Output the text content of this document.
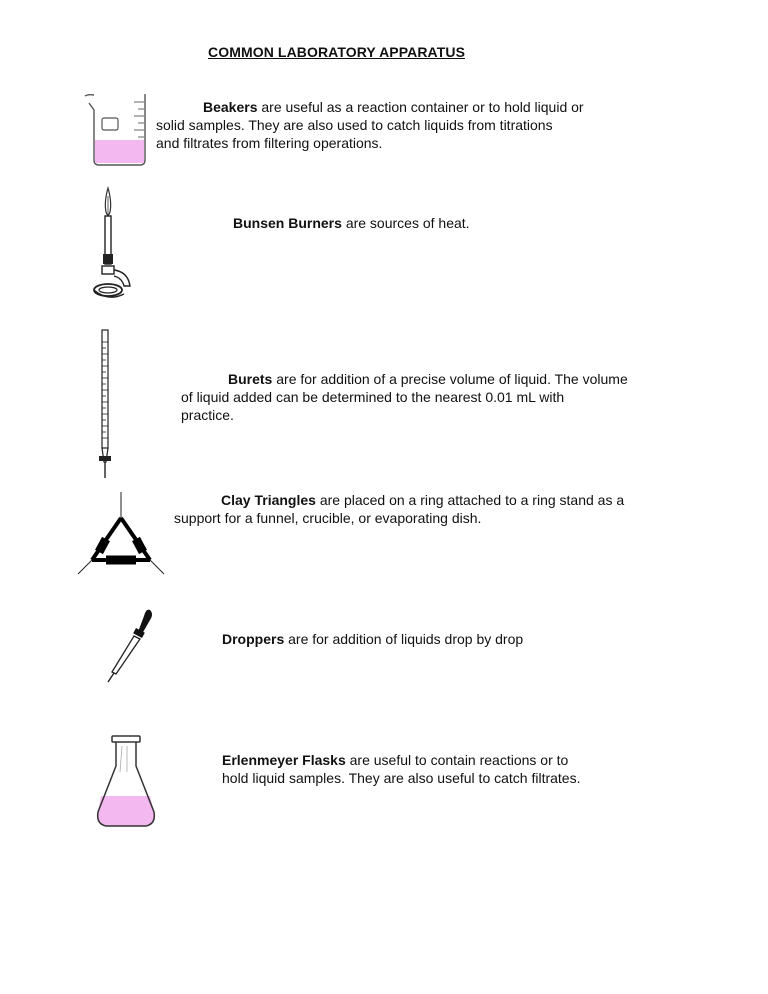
COMMON LABORATORY APPARATUS
Beakers are useful as a reaction container or to hold liquid or
solid samples. They are also used to catch liquids from titrations
and filtrates from filtering operations.
Bunsen Burners are sources of heat.
Burets are for addition of a precise volume of liquid. The volume
of liquid added can be determined to the nearest 0.01 mL with
practice.
Clay Triangles are placed on a ring attached to a ring stand as a
support for a funnel, crucible, or evaporating dish.
Droppers are for addition of liquids drop by drop
Erlenmeyer Flasks are useful to contain reactions or to
hold liquid samples. They are also useful to catch filtrates.
